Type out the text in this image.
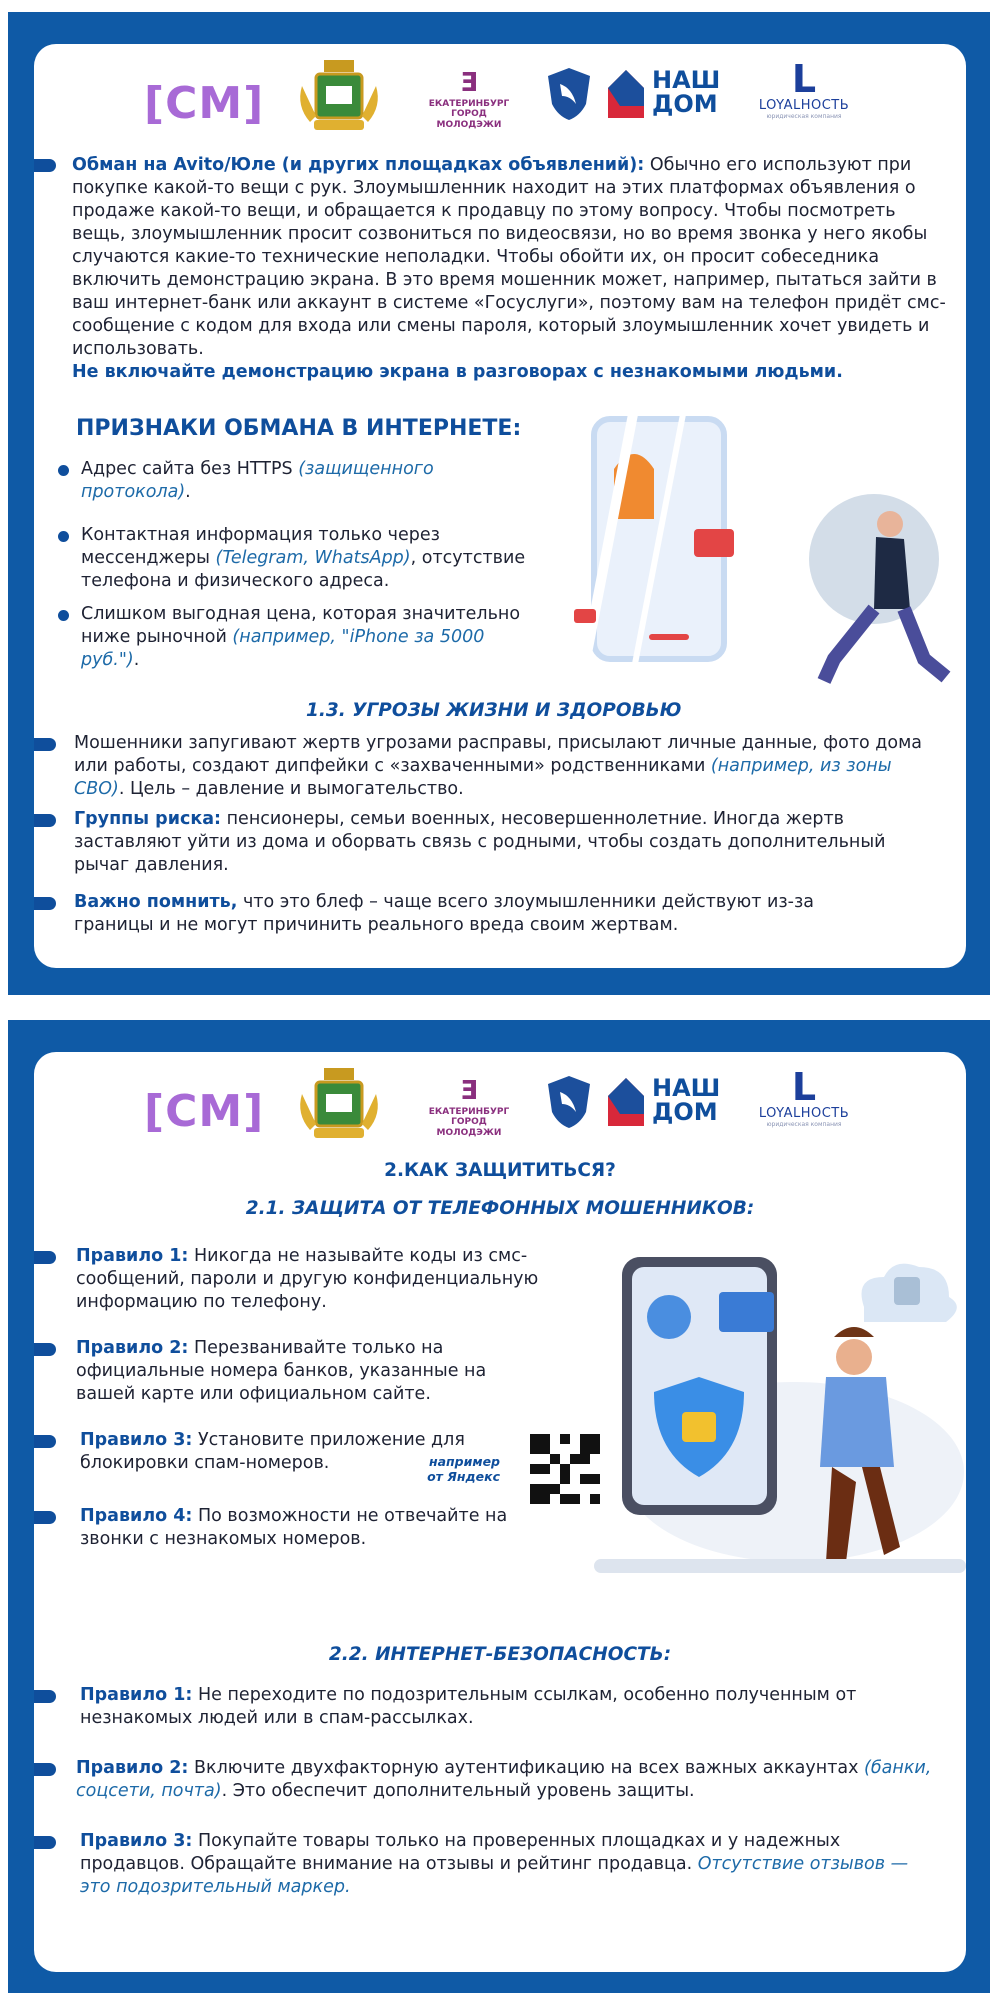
[СМ]	Ǝ
ЕКАТЕРИНБУРГ
ГОРОД МОЛОДЭЖИ
НАШ
ДОМ
L
LOYALНОСТЬ
юридическая компания

Обман на Avito/Юле (и других площадках объявлений): Обычно его используют при покупке какой-то вещи с рук. Злоумышленник находит на этих платформах объявления о продаже какой-то вещи, и обращается к продавцу по этому вопросу. Чтобы посмотреть вещь, злоумышленник просит созвониться по видеосвязи, но во время звонка у него якобы случаются какие-то технические неполадки. Чтобы обойти их, он просит собеседника включить демонстрацию экрана. В это время мошенник может, например, пытаться зайти в ваш интернет-банк или аккаунт в системе «Госуслуги», поэтому вам на телефон придёт смс-сообщение с кодом для входа или смены пароля, который злоумышленник хочет увидеть и использовать.
Не включайте демонстрацию экрана в разговорах с незнакомыми людьми.

ПРИЗНАКИ ОБМАНА В ИНТЕРНЕТЕ:

Адрес сайта без HTTPS (защищенного протокола).

Контактная информация только через мессенджеры (Telegram, WhatsApp), отсутствие телефона и физического адреса.

Слишком выгодная цена, которая значительно ниже рыночной (например, "iPhone за 5000 руб.").

1.3. УГРОЗЫ ЖИЗНИ И ЗДОРОВЬЮ

Мошенники запугивают жертв угрозами расправы, присылают личные данные, фото дома или работы, создают дипфейки с «захваченными» родственниками (например, из зоны СВО). Цель – давление и вымогательство.

Группы риска: пенсионеры, семьи военных, несовершеннолетние. Иногда жертв заставляют уйти из дома и оборвать связь с родными, чтобы создать дополнительный рычаг давления.

Важно помнить, что это блеф – чаще всего злоумышленники действуют из-за границы и не могут причинить реального вреда своим жертвам.

[СМ]	Ǝ
ЕКАТЕРИНБУРГ
ГОРОД МОЛОДЭЖИ
НАШ
ДОМ
L
LOYALНОСТЬ
юридическая компания
2.КАК ЗАЩИТИТЬСЯ?
2.1. ЗАЩИТА ОТ ТЕЛЕФОННЫХ МОШЕННИКОВ:

Правило 1: Никогда не называйте коды из смс-сообщений, пароли и другую конфиденциальную информацию по телефону.

Правило 2: Перезванивайте только на официальные номера банков, указанные на вашей карте или официальном сайте.

Правило 3: Установите приложение для блокировки спам-номеров.	например от Яндекс

Правило 4: По возможности не отвечайте на звонки с незнакомых номеров.

2.2. ИНТЕРНЕТ-БЕЗОПАСНОСТЬ:

Правило 1: Не переходите по подозрительным ссылкам, особенно полученным от незнакомых людей или в спам-рассылках.

Правило 2: Включите двухфакторную аутентификацию на всех важных аккаунтах (банки, соцсети, почта). Это обеспечит дополнительный уровень защиты.

Правило 3: Покупайте товары только на проверенных площадках и у надежных продавцов. Обращайте внимание на отзывы и рейтинг продавца. Отсутствие отзывов — это подозрительный маркер.
